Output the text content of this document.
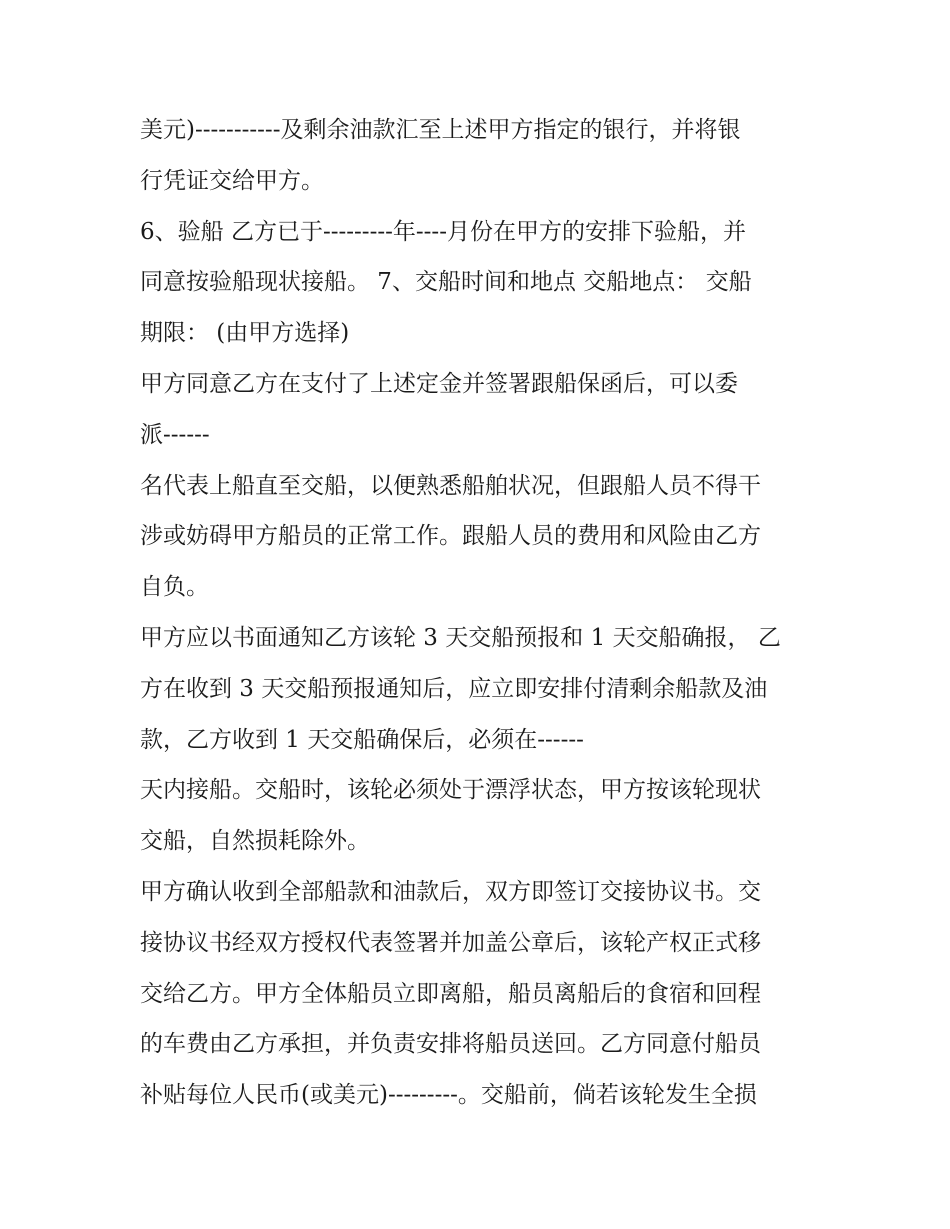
美元)-----------及剩余油款汇至上述甲方指定的银行，并将银
行凭证交给甲方。
6、验船 乙方已于---------年----月份在甲方的安排下验船，并
同意按验船现状接船。 7、交船时间和地点 交船地点： 交船
期限： (由甲方选择)
甲方同意乙方在支付了上述定金并签署跟船保函后，可以委
派------
名代表上船直至交船，以便熟悉船舶状况，但跟船人员不得干
涉或妨碍甲方船员的正常工作。跟船人员的费用和风险由乙方
自负。
甲方应以书面通知乙方该轮 3 天交船预报和 1 天交船确报， 乙
方在收到 3 天交船预报通知后，应立即安排付清剩余船款及油
款，乙方收到 1 天交船确保后，必须在------
天内接船。交船时，该轮必须处于漂浮状态，甲方按该轮现状
交船，自然损耗除外。
甲方确认收到全部船款和油款后，双方即签订交接协议书。交
接协议书经双方授权代表签署并加盖公章后，该轮产权正式移
交给乙方。甲方全体船员立即离船，船员离船后的食宿和回程
的车费由乙方承担，并负责安排将船员送回。乙方同意付船员
补贴每位人民币(或美元)---------。交船前，倘若该轮发生全损
